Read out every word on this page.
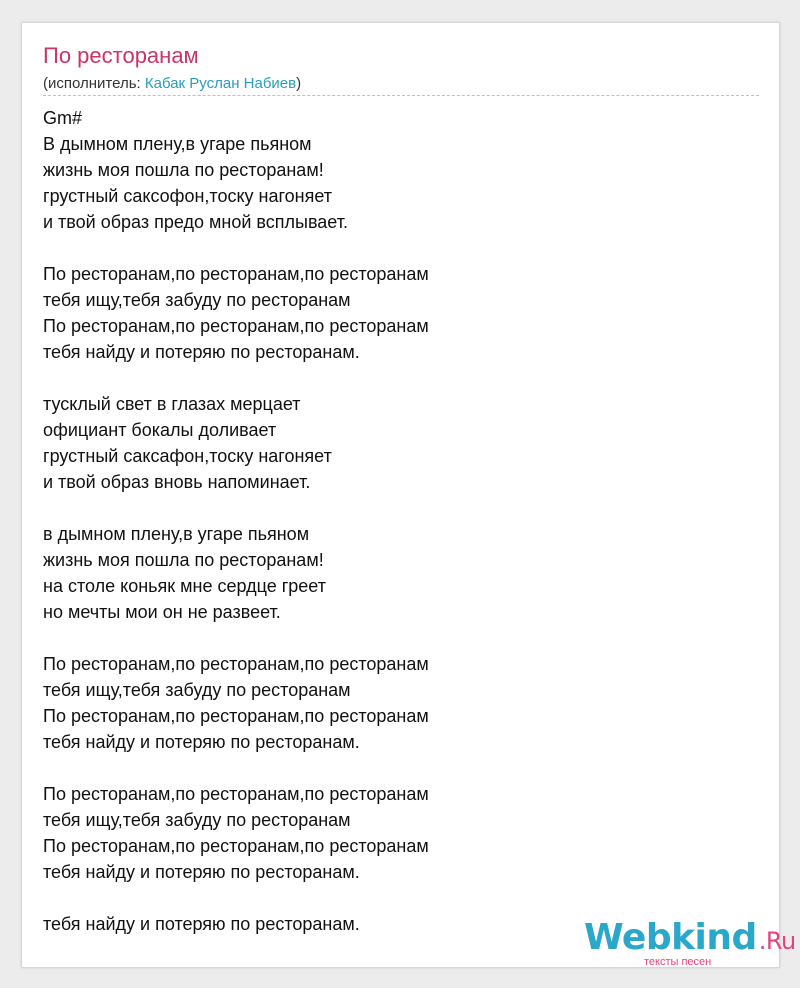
По ресторанам
(исполнитель: Кабак Руслан Набиев)
Gm#
В дымном плену,в угаре пьяном
жизнь моя пошла по ресторанам!
грустный саксофон,тоску нагоняет
и твой образ предо мной всплывает.
По ресторанам,по ресторанам,по ресторанам
тебя ищу,тебя забуду по ресторанам
По ресторанам,по ресторанам,по ресторанам
тебя найду и потеряю по ресторанам.
тусклый свет в глазах мерцает
официант бокалы доливает
грустный саксафон,тоску нагоняет
и твой образ вновь напоминает.
в дымном плену,в угаре пьяном
жизнь моя пошла по ресторанам!
на столе коньяк мне сердце греет
но мечты мои он не развеет.
По ресторанам,по ресторанам,по ресторанам
тебя ищу,тебя забуду по ресторанам
По ресторанам,по ресторанам,по ресторанам
тебя найду и потеряю по ресторанам.
По ресторанам,по ресторанам,по ресторанам
тебя ищу,тебя забуду по ресторанам
По ресторанам,по ресторанам,по ресторанам
тебя найду и потеряю по ресторанам.
тебя найду и потеряю по ресторанам.	Webkind.Ru
тексты песен
